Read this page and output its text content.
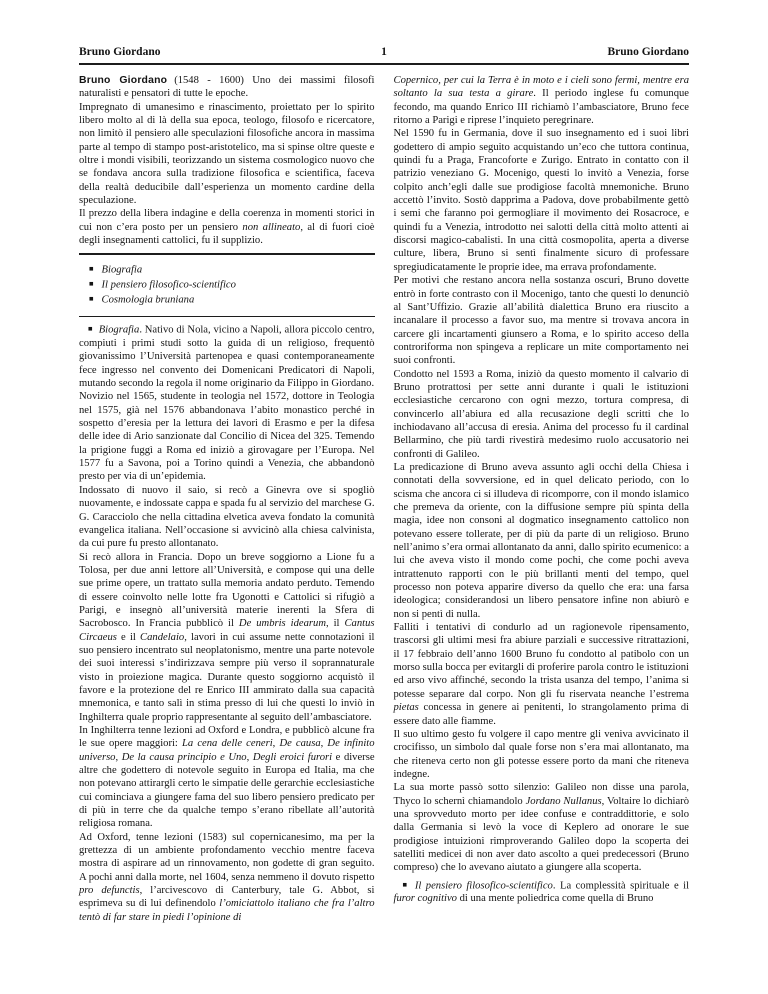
Bruno Giordano	1	Bruno Giordano

Bruno Giordano (1548 - 1600) Uno dei massimi filosofi naturalisti e pensatori di tutte le epoche.

Impregnato di umanesimo e rinascimento, proiettato per lo spirito libero molto al di là della sua epoca, teologo, filosofo e ricercatore, non limitò il pensiero alle speculazioni filosofiche ancora in massima parte al tempo di stampo post-aristotelico, ma si spinse oltre queste e oltre i mondi visibili, teorizzando un sistema cosmologico nuovo che se fondava ancora sulla tradizione filosofica e scientifica, faceva della realtà deducibile dall’esperienza un momento cardine della speculazione.

Il prezzo della libera indagine e della coerenza in momenti storici in cui non c’era posto per un pensiero non allineato, al di fuori cioè degli insegnamenti cattolici, fu il supplizio.

■ Biografia
■ Il pensiero filosofico-scientifico
■ Cosmologia bruniana

■ Biografia. Nativo di Nola, vicino a Napoli, allora piccolo centro, compiuti i primi studi sotto la guida di un religioso, frequentò giovanissimo l’Università partenopea e quasi contemporaneamente fece ingresso nel convento dei Domenicani Predicatori di Napoli, mutando secondo la regola il nome originario da Filippo in Giordano.

Novizio nel 1565, studente in teologia nel 1572, dottore in Teologia nel 1575, già nel 1576 abbandonava l’abito monastico perché in sospetto d’eresia per la lettura dei lavori di Erasmo e per la difesa delle idee di Ario sanzionate dal Concilio di Nicea del 325. Temendo la prigione fuggì a Roma ed iniziò a girovagare per l’Europa. Nel 1577 fu a Savona, poi a Torino quindi a Venezia, che abbandonò presto per via di un’epidemia.

Indossato di nuovo il saio, si recò a Ginevra ove si spogliò nuovamente, e indossate cappa e spada fu al servizio del marchese G. G. Caracciolo che nella cittadina elvetica aveva fondato la comunità evangelica italiana. Nell’occasione si avvicinò alla chiesa calvinista, da cui pure fu presto allontanato.

Si recò allora in Francia. Dopo un breve soggiorno a Lione fu a Tolosa, per due anni lettore all’Università, e compose qui una delle sue prime opere, un trattato sulla memoria andato perduto. Temendo di essere coinvolto nelle lotte fra Ugonotti e Cattolici si rifugiò a Parigi, e insegnò all’università materie inerenti la Sfera di Sacrobosco. In Francia pubblicò il De umbris idearum, il Cantus Circaeus e il Candelaio, lavori in cui assume nette connotazioni il suo pensiero incentrato sul neoplatonismo, mentre una parte notevole dei suoi interessi s’indirizzava sempre più verso il soprannaturale visto in proiezione magica. Durante questo soggiorno acquistò il favore e la protezione del re Enrico III ammirato dalla sua capacità mnemonica, e tanto salì in stima presso di lui che questi lo inviò in Inghilterra quale proprio rappresentante al seguito dell’ambasciatore.

In Inghilterra tenne lezioni ad Oxford e Londra, e pubblicò alcune fra le sue opere maggiori: La cena delle ceneri, De causa, De infinito universo, De la causa principio e Uno, Degli eroici furori e diverse altre che godettero di notevole seguito in Europa ed Italia, ma che non potevano attirargli certo le simpatie delle gerarchie ecclesiastiche cui cominciava a giungere fama del suo libero pensiero predicato per di più in terre che da qualche tempo s’erano ribellate all’autorità religiosa romana.

Ad Oxford, tenne lezioni (1583) sul copernicanesimo, ma per la grettezza di un ambiente profondamento vecchio mentre faceva mostra di aspirare ad un rinnovamento, non godette di gran seguito. A pochi anni dalla morte, nel 1604, senza nemmeno il dovuto rispetto pro defunctis, l’arcivescovo di Canterbury, tale G. Abbot, si esprimeva su di lui definendolo l’omiciattolo italiano che fra l’altro tentò di far stare in piedi l’opinione di

Copernico, per cui la Terra è in moto e i cieli sono fermi, mentre era soltanto la sua testa a girare. Il periodo inglese fu comunque fecondo, ma quando Enrico III richiamò l’ambasciatore, Bruno fece ritorno a Parigi e riprese l’inquieto peregrinare.

Nel 1590 fu in Germania, dove il suo insegnamento ed i suoi libri godettero di ampio seguito acquistando un’eco che tuttora continua, quindi fu a Praga, Francoforte e Zurigo. Entrato in contatto con il patrizio veneziano G. Mocenigo, questi lo invitò a Venezia, forse colpito anch’egli dalle sue prodigiose facoltà mnemoniche. Bruno accettò l’invito. Sostò dapprima a Padova, dove probabilmente gettò i semi che faranno poi germogliare il movimento dei Rosacroce, e quindi fu a Venezia, introdotto nei salotti della città molto attenti ai discorsi magico-cabalisti. In una città cosmopolita, aperta a diverse culture, libera, Bruno si sentì finalmente sicuro di professare spregiudicatamente le proprie idee, ma errava profondamente.

Per motivi che restano ancora nella sostanza oscuri, Bruno dovette entrò in forte contrasto con il Mocenigo, tanto che questi lo denunciò al Sant’Uffizio. Grazie all’abilità dialettica Bruno era riuscito a incanalare il processo a favor suo, ma mentre si trovava ancora in carcere gli incartamenti giunsero a Roma, e lo spirito acceso della controriforma non spingeva a replicare un mite comportamento nei suoi confronti.

Condotto nel 1593 a Roma, iniziò da questo momento il calvario di Bruno protrattosi per sette anni durante i quali le istituzioni ecclesiastiche cercarono con ogni mezzo, tortura compresa, di convincerlo all’abiura ed alla recusazione degli scritti che lo inchiodavano all’accusa di eresia. Anima del processo fu il cardinal Bellarmino, che più tardi rivestirà medesimo ruolo accusatorio nei confronti di Galileo.

La predicazione di Bruno aveva assunto agli occhi della Chiesa i connotati della sovversione, ed in quel delicato periodo, con lo scisma che ancora ci si illudeva di ricomporre, con il mondo islamico che premeva da oriente, con la diffusione sempre più spinta della magia, idee non consoni al dogmatico insegnamento cattolico non potevano essere tollerate, per di più da parte di un religioso. Bruno nell’animo s’era ormai allontanato da anni, dallo spirito ecumenico: a lui che aveva visto il mondo come pochi, che come pochi aveva intrattenuto rapporti con le più brillanti menti del tempo, quel processo non poteva apparire diverso da quello che era: una farsa ideologica; considerandosi un libero pensatore infine non abiurò e non si pentì di nulla.

Falliti i tentativi di condurlo ad un ragionevole ripensamento, trascorsi gli ultimi mesi fra abiure parziali e successive ritrattazioni, il 17 febbraio dell’anno 1600 Bruno fu condotto al patibolo con un morso sulla bocca per evitargli di proferire parola contro le istituzioni ed arso vivo affinché, secondo la trista usanza del tempo, l’anima si potesse separare dal corpo. Non gli fu riservata neanche l’estrema pietas concessa in genere ai penitenti, lo strangolamento prima di essere dato alle fiamme.

Il suo ultimo gesto fu volgere il capo mentre gli veniva avvicinato il crocifisso, un simbolo dal quale forse non s’era mai allontanato, ma che riteneva certo non gli potesse essere porto da mani che riteneva indegne.

La sua morte passò sotto silenzio: Galileo non disse una parola, Thyco lo schernì chiamandolo Jordano Nullanus, Voltaire lo dichiarò una sprovveduto morto per idee confuse e contraddittorie, e solo dalla Germania si levò la voce di Keplero ad onorare le sue prodigiose intuizioni rimproverando Galileo dopo la scoperta dei satelliti medicei di non aver dato ascolto a quei predecessori (Bruno compreso) che lo avevano aiutato a giungere alla scoperta.

■ Il pensiero filosofico-scientifico. La complessità spirituale e il furor cognitivo di una mente poliedrica come quella di Bruno
